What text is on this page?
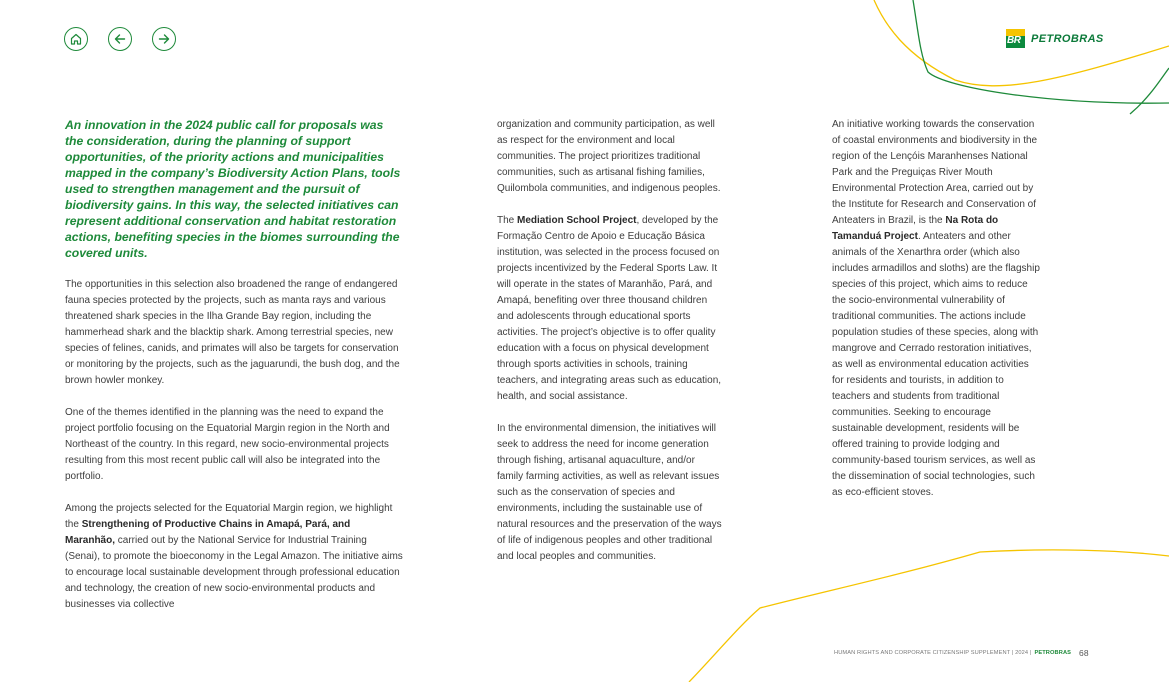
BR PETROBRAS

An innovation in the 2024 public call for proposals was the consideration, during the planning of support opportunities, of the priority actions and municipalities mapped in the company’s Biodiversity Action Plans, tools used to strengthen management and the pursuit of biodiversity gains. In this way, the selected initiatives can represent additional conservation and habitat restoration actions, benefiting species in the biomes surrounding the covered units.

The opportunities in this selection also broadened the range of endangered fauna species protected by the projects, such as manta rays and various threatened shark species in the Ilha Grande Bay region, including the hammerhead shark and the blacktip shark. Among terrestrial species, new species of felines, canids, and primates will also be targets for conservation or monitoring by the projects, such as the jaguarundi, the bush dog, and the brown howler monkey.

One of the themes identified in the planning was the need to expand the project portfolio focusing on the Equatorial Margin region in the North and Northeast of the country. In this regard, new socio-environmental projects resulting from this most recent public call will also be integrated into the portfolio.

Among the projects selected for the Equatorial Margin region, we highlight the Strengthening of Productive Chains in Amapá, Pará, and Maranhão, carried out by the National Service for Industrial Training (Senai), to promote the bioeconomy in the Legal Amazon. The initiative aims to encourage local sustainable development through professional education and technology, the creation of new socio-environmental products and businesses via collective

organization and community participation, as well as respect for the environment and local communities. The project prioritizes traditional communities, such as artisanal fishing families, Quilombola communities, and indigenous peoples.

The Mediation School Project, developed by the Formação Centro de Apoio e Educação Básica institution, was selected in the process focused on projects incentivized by the Federal Sports Law. It will operate in the states of Maranhão, Pará, and Amapá, benefiting over three thousand children and adolescents through educational sports activities. The project’s objective is to offer quality education with a focus on physical development through sports activities in schools, training teachers, and integrating areas such as education, health, and social assistance.

In the environmental dimension, the initiatives will seek to address the need for income generation through fishing, artisanal aquaculture, and/or family farming activities, as well as relevant issues such as the conservation of species and environments, including the sustainable use of natural resources and the preservation of the ways of life of indigenous peoples and other traditional and local peoples and communities.

An initiative working towards the conservation of coastal environments and biodiversity in the region of the Lençóis Maranhenses National Park and the Preguiças River Mouth Environmental Protection Area, carried out by the Institute for Research and Conservation of Anteaters in Brazil, is the Na Rota do Tamanduá Project. Anteaters and other animals of the Xenarthra order (which also includes armadillos and sloths) are the flagship species of this project, which aims to reduce the socio-environmental vulnerability of traditional communities. The actions include population studies of these species, along with mangrove and Cerrado restoration initiatives, as well as environmental education activities for residents and tourists, in addition to teachers and students from traditional communities. Seeking to encourage sustainable development, residents will be offered training to provide lodging and community-based tourism services, as well as the dissemination of social technologies, such as eco-efficient stoves.

HUMAN RIGHTS AND CORPORATE CITIZENSHIP SUPPLEMENT | 2024 | PETROBRAS 68
